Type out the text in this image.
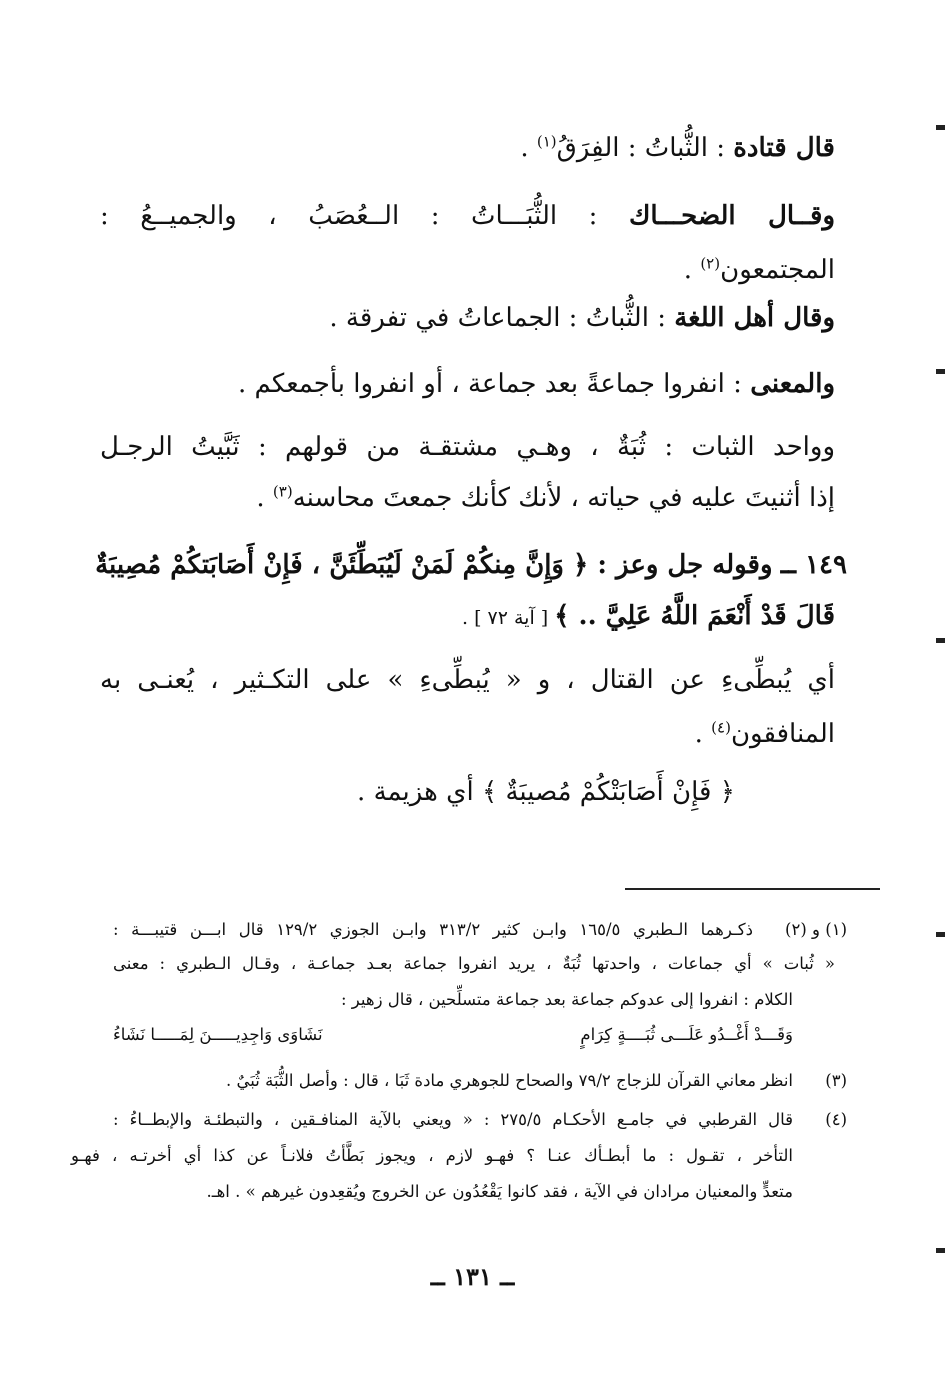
قال قتادة : الثُّباتُ : الفِرَقُ$^{(١)}$ .
وقــال الضحـــاك : الثُّبَـــاتُ : الــعُصَبُ ، والجميــعُ :
المجتمعون$^{(٢)}$ .
وقال أهل اللغة : الثُّباتُ : الجماعاتُ في تفرقة .
والمعنى : انفروا جماعةً بعد جماعة ، أو انفروا بأجمعكم .
وواحد الثبات : ثُبَةٌ ، وهـي مشتقـة من قولهم : ثَبَّيتُ الرجـل
إذا أثنيتَ عليه في حياته ، لأنك كأنك جمعتَ محاسنه$^{(٣)}$ .
١٤٩ ــ وقوله جل وعز : ﴿ وَإِنَّ مِنكُمْ لَمَنْ لَيُبَطِّئَنَّ ، فَإِنْ أَصَابَتكُمْ مُصِيبَةٌ
قَالَ قَدْ أَنْعَمَ اللَّهُ عَلِيَّ .. ﴾ [ آية ٧٢ ] .
أي يُبطِّىءِ عن القتال ، و « يُبطِّىءِ » على التكـثير ، يُعنـى به
المنافقون$^{(٤)}$ .
﴿ فَإِنْ أَصَابَتْكُمْ مُصيبَةٌ ﴾ أي هزيمة .
(١) و (٢)
ذكـرهما الـطبري ١٦٥/٥ وابـن كثير ٣١٣/٢ وابـن الجوزي ١٢٩/٢ قال ابـــن قتيبـــة :
« ثُبات » أي جماعات ، واحدتها ثُبَةٌ ، يريد انفروا جماعة بعـد جماعـة ، وقـال الـطبري : معنى
الكلام : انفروا إلى عدوكم جماعة بعد جماعة متسلِّحين ، قال زهير :
وَقَـــدْ أَغْــدُو عَلَـــى ثُبَــــةٍ كِرَامٍ
نَشَاوَى وَاجِدِيـــــنَ لِمَـــــا نَشَاءُ
(٣)
انظر معاني القرآن للزجاج ٧٩/٢ والصحاح للجوهري مادة ثَبَا ، قال : وأصل الثُّبَة ثُبَيٌ .
(٤)
قال القرطبي في جامـع الأحكـام ٢٧٥/٥ : « ويعني بالآية المنافـقين ، والتبطئـة والإبطــاءُ :
التأخر ، تقـول : ما أبطـأك عنـا ؟ فهـو لازم ، ويجوز بَطَّأتُ فلانـاً عن كذا أي أخرتـه ، فهـو
متعدٍّ والمعنيان مرادان في الآية ، فقد كانوا يَقْعُدُون عن الخروج ويُقعِدون غيرهم » . اهـ.
ــ ١٣١ ــ
